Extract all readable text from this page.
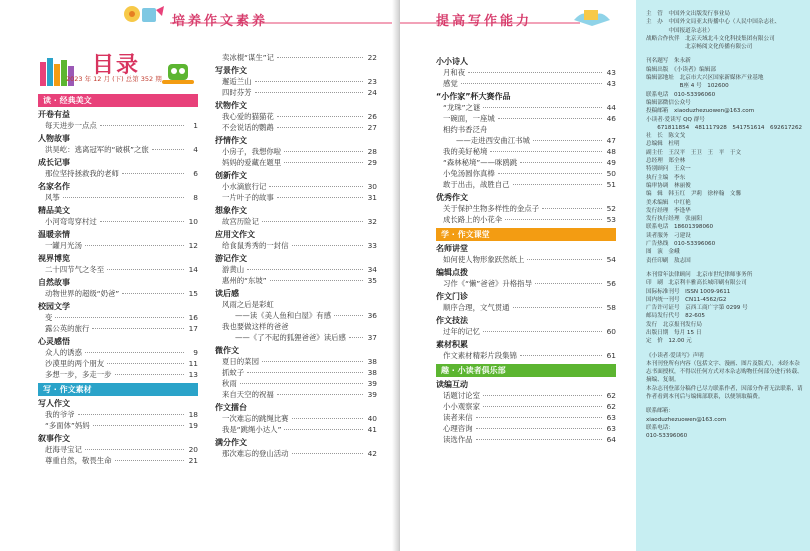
培养作文素养
目录
2023 年 12 月 (下) 总第 352 期
读 · 经典美文
开卷有益
每天进步一点点	1
人物故事
洪昊屹：逃离冠军的“破棋”之旅	4
成长记事
那位坚持拯救我的老师	6
名家名作
风筝	8
精品美文
小河弯弯穿村过	10
温暖亲情
一罐月光汤	12
视界博览
二十四节气之冬至	14
自然故事
动物世界的超级“奶爸”	15
校园文学
变	16
露公英的旅行	17
心灵感悟
众人的诱惑	9
沙漠里的两个朋友	11
多想一步，多走一步	13
写 · 作文素材
写人作文
我的爷爷	18
“多面体”妈妈	19
叙事作文
赶海寻宝记	20
尊重自然，敬畏生命	21
卖冰棍“谋生”记	22
写景作文
邂逅兰山	23
四时芬芳	24
状物作文
我心爱的猫猫花	26
不会说话的鹦鹉	27
抒情作文
小房子，我想你啦	28
妈妈的爱藏在题里	29
创新作文
小水滴旅行记	30
一片叶子的故事	31
想象作文
故宫历险记	32
应用文作文
给食鼠秀秀的一封信	33
游记作文
游黄山	34
惠州的“东坡”	35
读后感
风雨之后是彩虹
——读《美人鱼和白屋》有感	36
我也要做这样的爸爸
——《了不起的狐狸爸爸》读后感	37
微作文
夏日的菜园	38
抓蚊子	38
秋雨	39
来自天空的祝福	39
作文擂台
一次难忘的跳绳比赛	40
我是“跳绳小达人”	41
满分作文
那次难忘的登山活动	42
提高写作能力
小小诗人
月和夜	43
感觉	43
“小作家”杯大赛作品
“龙珠”之谜	44
一碗面，一座城	46
相约书香泛舟
——走进西安曲江书城	47
我的美好秘境	48
“森林秘境”——咪鸥跳	49
小兔汤圆你真棒	50
敢于出击，战胜自己	51
优秀作文
关于保护生物多样性的金点子	52
成长路上的小花伞	53
学 · 作文课堂
名师讲堂
如何使人物形象跃然纸上	54
编辑点拨
习作《“懒”爸爸》升格指导	56
作文门诊
顺序合理，文气贯通	58
作文技法
过年的记忆	60
素材积累
作文素材精彩片段集锦	61
趣 · 小读者俱乐部
读编互动
话题讨论室	62
小小观察家	62
读者来信	63
心理咨询	63
读选作品	64
主　管　中国外文出版发行事业局
主　办　中国外文局亚太传播中心（人民中国杂志社、
　　　　中国报道杂志社）
战略合作伙伴　北京天域北斗文化科技集团有限公司
　　　　　　　北京畅阅文化传播有限公司
刊名题写　朱永新
编辑出版　《小读者》编辑部
编辑部地址　北京市大兴区国家新媒体产业基地
　　　　　　B座 4 号　102600
联系电话　010-53396060
编辑部微信公众号
投稿邮箱　xiaoduzhezuowen@163.com
小读者·爱读写 QQ 群号
　　671811854　481117928　541751614　692617262
社　长　陈文戈
总编辑　杜明
副主任　王汉平　王卫　王　平　于文
总经理　郑全林
特别顾问　王众一
执行主编　李东
编审协调　林丽俊
编　辑　韩玉红　尹莉　徐梓翰　文馨
美术编辑　中红艳
发行经理　李逢华
发行执行经理　张丽阳
联系电话　18601398060
读者服务　刁建设
广告热线　010-53396060
图　演　金峨
责任印刷　敖志国
本刊常年法律顾问　北京市世纪律师事务所
印　刷　北京利丰雅高长城印刷有限公司
国际标准刊号　ISSN 1009-9611
国内统一刊号　CN11-4562/G2
广告许可证号　京西工商广字第 0299 号
邮局发行代号　82-605
发行　北京报刊发行局
出版日期　每月 15 日
定　价　12.00 元
《小读者·爱读写》声明
本刊刊登所有内容（包括文字、漫画、图片及版式），未经本杂志书面授权，不得以任何方式对本杂志购物任何部分进行转载、摘编、复制。
本杂志刊登部分稿件已尽力联系作者，因部分作者无法联系，请作者看到本刊后与编辑部联系，以便领取稿费。
联系邮箱：
xiaoduzhezuowen@163.com
联系电话：
010-53396060
